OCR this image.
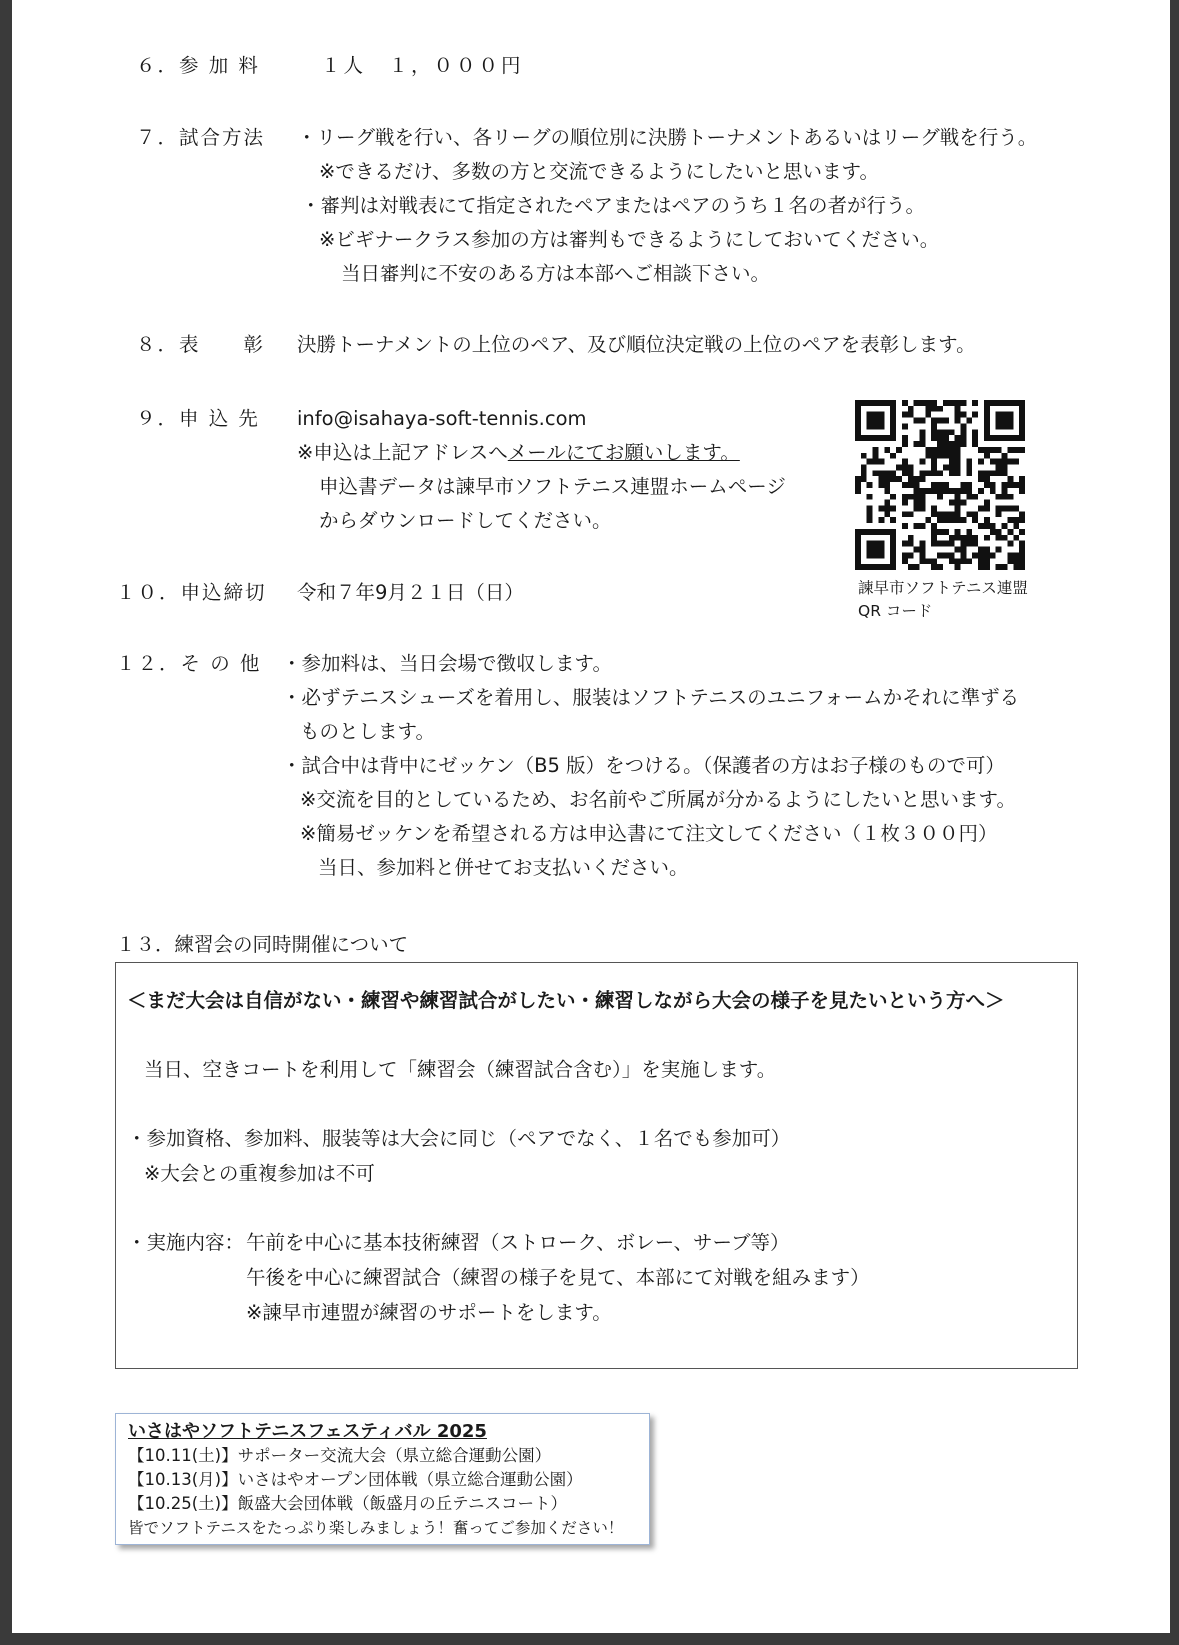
６．参 加 料	１人　１，０００円
７．試合方法 ・リーグ戦を行い、各リーグの順位別に決勝トーナメントあるいはリーグ戦を行う。
※できるだけ、多数の方と交流できるようにしたいと思います。
・審判は対戦表にて指定されたペアまたはペアのうち１名の者が行う。
※ビギナークラス参加の方は審判もできるようにしておいてください。
当日審判に不安のある方は本部へご相談下さい。
８．表　　彰 決勝トーナメントの上位のペア、及び順位決定戦の上位のペアを表彰します。
９．申 込 先 info@isahaya-soft-tennis.com
※申込は上記アドレスへメールにてお願いします。
申込書データは諫早市ソフトテニス連盟ホームページ
からダウンロードしてください。
諫早市ソフトテニス連盟
QR コード
１０．申込締切 令和７年9月２１日（日）
１２．そ の 他 ・参加料は、当日会場で徴収します。
・必ずテニスシューズを着用し、服装はソフトテニスのユニフォームかそれに準ずる
ものとします。
・試合中は背中にゼッケン（B5 版）をつける。（保護者の方はお子様のもので可）
※交流を目的としているため、お名前やご所属が分かるようにしたいと思います。
※簡易ゼッケンを希望される方は申込書にて注文してください（１枚３００円）
当日、参加料と併せてお支払いください。
１３．練習会の同時開催について
＜まだ大会は自信がない・練習や練習試合がしたい・練習しながら大会の様子を見たいという方へ＞
当日、空きコートを利用して「練習会（練習試合含む）」を実施します。
・参加資格、参加料、服装等は大会に同じ（ペアでなく、１名でも参加可）
※大会との重複参加は不可
・実施内容： 午前を中心に基本技術練習（ストローク、ボレー、サーブ等）
午後を中心に練習試合（練習の様子を見て、本部にて対戦を組みます）
※諫早市連盟が練習のサポートをします。
いさはやソフトテニスフェスティバル 2025
【10.11(土)】サポーター交流大会（県立総合運動公園）
【10.13(月)】いさはやオープン団体戦（県立総合運動公園）
【10.25(土)】飯盛大会団体戦（飯盛月の丘テニスコート）
皆でソフトテニスをたっぷり楽しみましょう！奮ってご参加ください！
